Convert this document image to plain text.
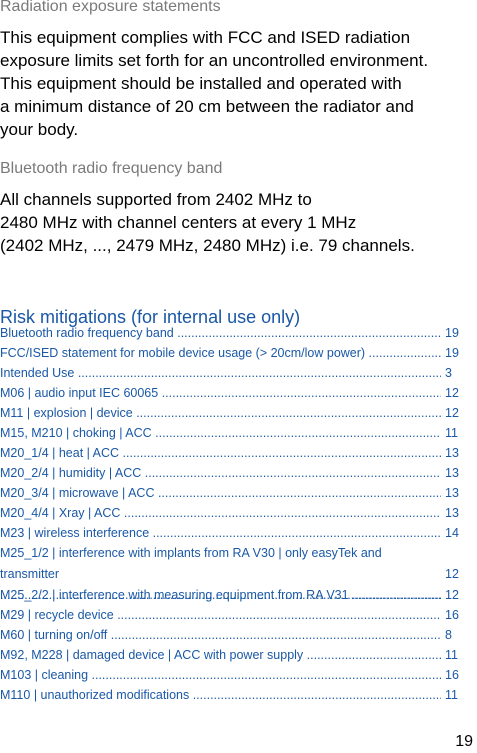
Radiation exposure statements
This equipment complies with FCC and ISED radiation
exposure limits set forth for an uncontrolled environment.
This equipment should be installed and operated with
a minimum distance of 20 cm between the radiator and
your body.
Bluetooth radio frequency band
All channels supported from 2402 MHz to
2480 MHz with channel centers at every 1 MHz
(2402 MHz, ..., 2479 MHz, 2480 MHz) i.e. 79 channels.
Risk mitigations (for internal use only)
Bluetooth radio frequency band .....	19
FCC/ISED statement for mobile device usage (> 20cm/low power) .....	19
Intended Use .....	3
M06 | audio input IEC 60065 .....	12
M11 | explosion | device .....	12
M15, M210 | choking | ACC .....	11
M20_1/4 | heat | ACC .....	13
M20_2/4 | humidity | ACC .....	13
M20_3/4 | microwave | ACC .....	13
M20_4/4 | Xray | ACC .....	13
M23 | wireless interference .....	14
M25_1/2 | interference with implants from RA V30 | only easyTek and transmitter .....	12
M25_2/2 | interference with measuring equipment from RA V31 .....	12
M29 | recycle device .....	16
M60 | turning on/off .....	8
M92, M228 | damaged device | ACC with power supply .....	11
M103 | cleaning .....	16
M110 | unauthorized modifications .....	11
19
